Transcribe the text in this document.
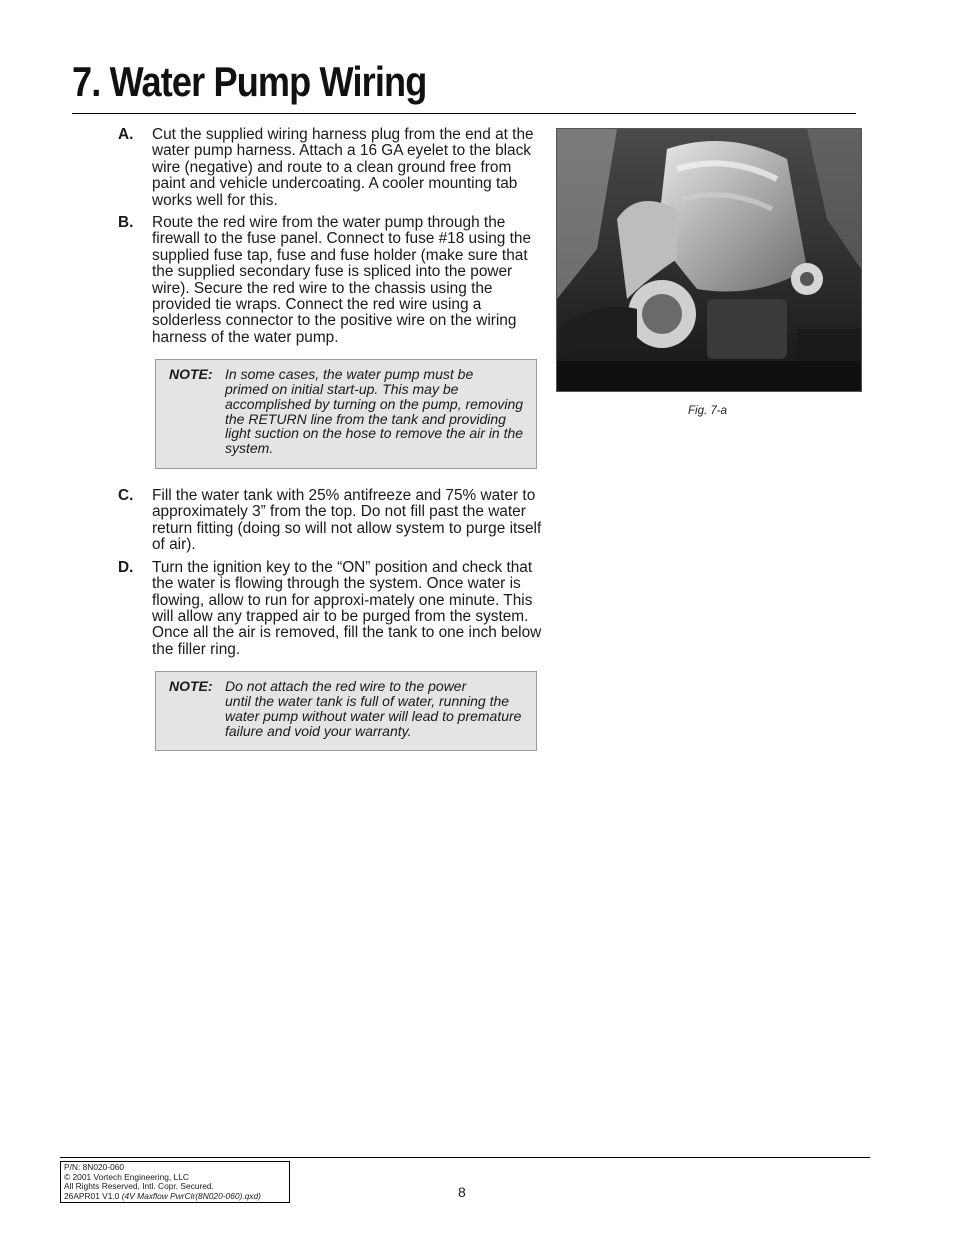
7. Water Pump Wiring
A.	Cut the supplied wiring harness plug from the end at the water pump harness. Attach a 16 GA eyelet to the black wire (negative) and route to a clean ground free from paint and vehicle undercoating. A cooler mounting tab works well for this.
B.	Route the red wire from the water pump through the firewall to the fuse panel. Connect to fuse #18 using the supplied fuse tap, fuse and fuse holder (make sure that the supplied secondary fuse is spliced into the power wire). Secure the red wire to the chassis using the provided tie wraps. Connect the red wire using a solderless connector to the positive wire on the wiring harness of the water pump.
NOTE: In some cases, the water pump must be
primed on initial start-up. This may be accomplished by turning on the pump, removing the RETURN line from the tank and providing light suction on the hose to remove the air in the system.
C.	Fill the water tank with 25% antifreeze and 75% water to approximately 3” from the top. Do not fill past the water return fitting (doing so will not allow system to purge itself of air).
D.	Turn the ignition key to the “ON” position and check that the water is flowing through the system. Once water is flowing, allow to run for approxi-mately one minute. This will allow any trapped air to be purged from the system. Once all the air is removed, fill the tank to one inch below the filler ring.
NOTE: Do not attach the red wire to the power
until the water tank is full of water, running the water pump without water will lead to premature failure and void your warranty.
Fig. 7-a
P/N: 8N020-060
© 2001 Vortech Engineering, LLC
All Rights Reserved, Intl. Copr. Secured.
26APR01 V1.0 (4V Maxflow PwrClr(8N020-060).qxd)	8
